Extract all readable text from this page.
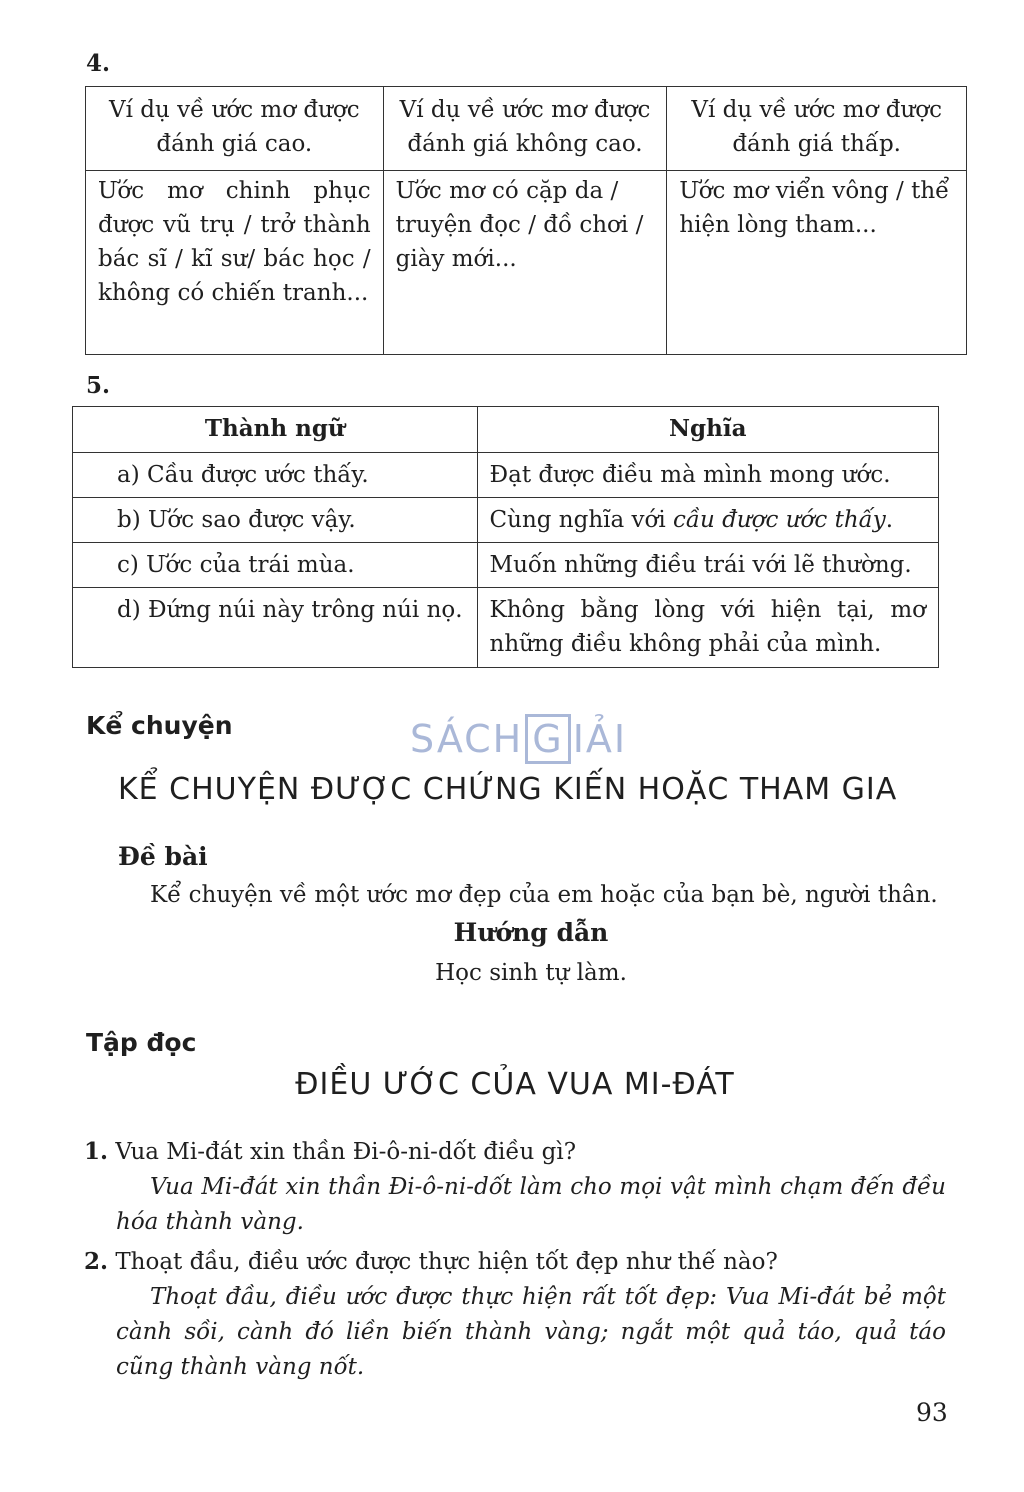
4.
Ví dụ về ước mơ được đánh giá cao.	Ví dụ về ước mơ được đánh giá không cao.	Ví dụ về ước mơ được đánh giá thấp.
Ước mơ chinh phục được vũ trụ / trở thành bác sĩ / kĩ sư/ bác học / không có chiến tranh...	Ước mơ có cặp da / truyện đọc / đồ chơi / giày mới...	Ước mơ viển vông / thể hiện lòng tham...
5.
Thành ngữ	Nghĩa
a) Cầu được ước thấy.	Đạt được điều mà mình mong ước.
b) Ước sao được vậy.	Cùng nghĩa với cầu được ước thấy.
c) Ước của trái mùa.	Muốn những điều trái với lẽ thường.
d) Đứng núi này trông núi nọ.	Không bằng lòng với hiện tại, mơ những điều không phải của mình.
SÁCH G IẢI
Kể chuyện
KỂ CHUYỆN ĐƯỢC CHỨNG KIẾN HOẶC THAM GIA
Đề bài
Kể chuyện về một ước mơ đẹp của em hoặc của bạn bè, người thân.
Hướng dẫn
Học sinh tự làm.
Tập đọc
ĐIỀU ƯỚC CỦA VUA MI-ĐÁT
1. Vua Mi-đát xin thần Đi-ô-ni-dốt điều gì?
Vua Mi-đát xin thần Đi-ô-ni-dốt làm cho mọi vật mình chạm đến đều hóa thành vàng.
2. Thoạt đầu, điều ước được thực hiện tốt đẹp như thế nào?
Thoạt đầu, điều ước được thực hiện rất tốt đẹp: Vua Mi-đát bẻ một cành sồi, cành đó liền biến thành vàng; ngắt một quả táo, quả táo cũng thành vàng nốt.
93
